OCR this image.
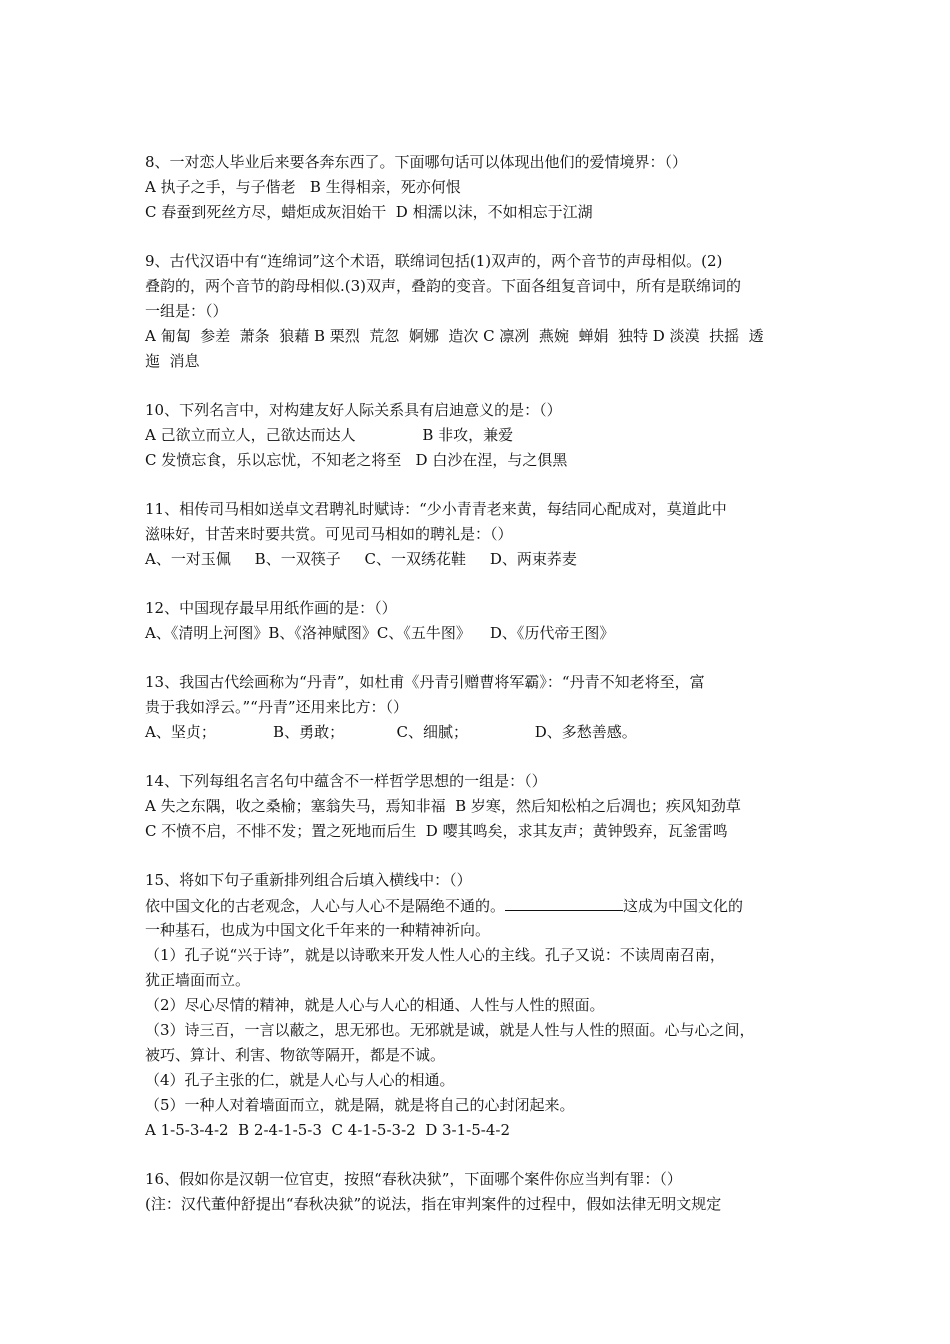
8、一对恋人毕业后来要各奔东西了。下面哪句话可以体现出他们的爱情境界：（）
A 执子之手，与子偕老   B 生得相亲，死亦何恨
C 春蚕到死丝方尽，蜡炬成灰泪始干  D 相濡以沫，不如相忘于江湖
9、古代汉语中有“连绵词”这个术语，联绵词包括(1)双声的，两个音节的声母相似。(2)
叠韵的，两个音节的韵母相似.(3)双声，叠韵的变音。下面各组复音词中，所有是联绵词的
一组是：（）
A 匍匐  参差  萧条  狼藉 B 栗烈  荒忽  婀娜  造次 C 凛冽  燕婉  蝉娟  独特 D 淡漠  扶摇  透
迤  消息
10、下列名言中，对构建友好人际关系具有启迪意义的是：（）
A 己欲立而立人，己欲达而达人              B 非攻，兼爱
C 发愤忘食，乐以忘忧，不知老之将至   D 白沙在涅，与之俱黑
11、相传司马相如送卓文君聘礼时赋诗：“少小青青老来黄，每结同心配成对，莫道此中
滋味好，甘苦来时要共赏。可见司马相如的聘礼是：（）
A、一对玉佩     B、一双筷子     C、一双绣花鞋     D、两束荞麦
12、中国现存最早用纸作画的是：（）
A、《清明上河图》B、《洛神赋图》C、《五牛图》    D、《历代帝王图》
13、我国古代绘画称为“丹青”，如杜甫《丹青引赠曹将军霸》：“丹青不知老将至，富
贵于我如浮云。”“丹青”还用来比方：（）
A、坚贞；            B、勇敢；           C、细腻；              D、多愁善感。
14、下列每组名言名句中蕴含不一样哲学思想的一组是：（）
A 失之东隅，收之桑榆；塞翁失马，焉知非福  B 岁寒，然后知松柏之后凋也；疾风知劲草
C 不愤不启，不悱不发；置之死地而后生  D 嘤其鸣矣，求其友声；黄钟毁弃，瓦釜雷鸣
15、将如下句子重新排列组合后填入横线中：（）
依中国文化的古老观念，人心与人心不是隔绝不通的。	这成为中国文化的
一种基石，也成为中国文化千年来的一种精神祈向。
（1）孔子说“兴于诗”，就是以诗歌来开发人性人心的主线。孔子又说：不读周南召南，
犹正墙面而立。
（2）尽心尽情的精神，就是人心与人心的相通、人性与人性的照面。
（3）诗三百，一言以蔽之，思无邪也。无邪就是诚，就是人性与人性的照面。心与心之间，
被巧、算计、利害、物欲等隔开，都是不诚。
（4）孔子主张的仁，就是人心与人心的相通。
（5）一种人对着墙面而立，就是隔，就是将自己的心封闭起来。
A 1-5-3-4-2  B 2-4-1-5-3  C 4-1-5-3-2  D 3-1-5-4-2
16、假如你是汉朝一位官吏，按照“春秋决狱”，下面哪个案件你应当判有罪：（）
(注：汉代董仲舒提出“春秋决狱”的说法，指在审判案件的过程中，假如法律无明文规定
